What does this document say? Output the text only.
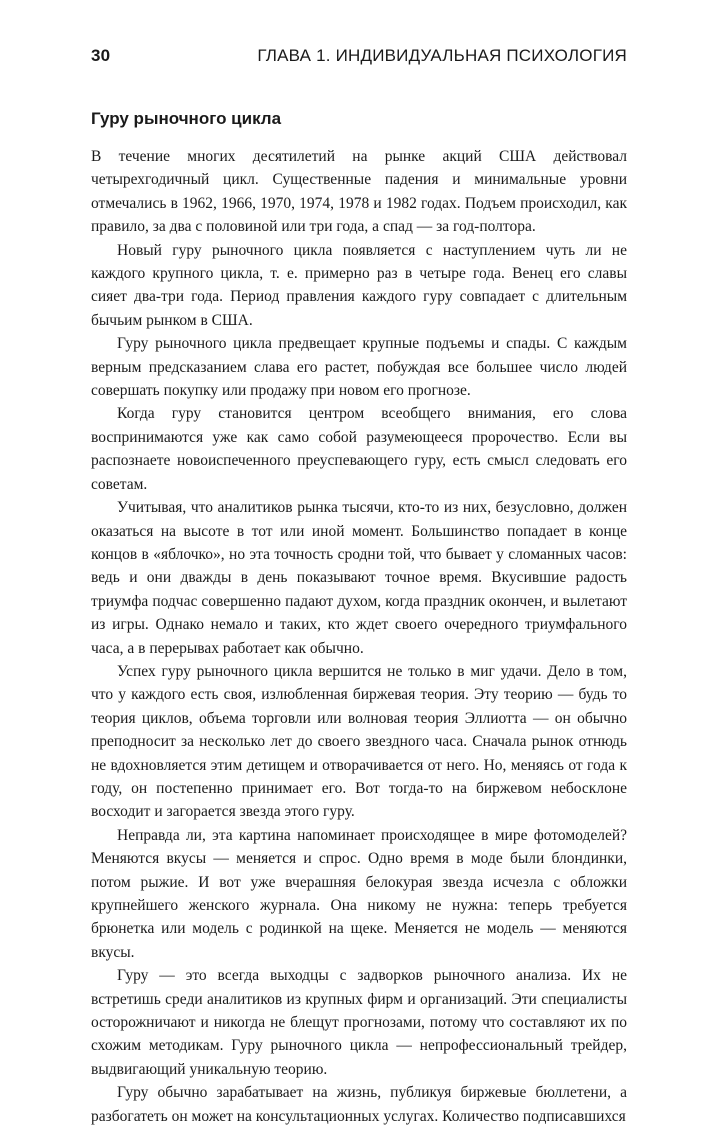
30	ГЛАВА 1. ИНДИВИДУАЛЬНАЯ ПСИХОЛОГИЯ
Гуру рыночного цикла

В течение многих десятилетий на рынке акций США действовал четырехгодичный цикл. Существенные падения и минимальные уровни отмечались в 1962, 1966, 1970, 1974, 1978 и 1982 годах. Подъем происходил, как правило, за два с половиной или три года, а спад — за год-полтора.

Новый гуру рыночного цикла появляется с наступлением чуть ли не каждого крупного цикла, т. е. примерно раз в четыре года. Венец его славы сияет два-три года. Период правления каждого гуру совпадает с длительным бычьим рынком в США.

Гуру рыночного цикла предвещает крупные подъемы и спады. С каждым верным предсказанием слава его растет, побуждая все большее число людей совершать покупку или продажу при новом его прогнозе.

Когда гуру становится центром всеобщего внимания, его слова воспринимаются уже как само собой разумеющееся пророчество. Если вы распознаете новоиспеченного преуспевающего гуру, есть смысл следовать его советам.

Учитывая, что аналитиков рынка тысячи, кто-то из них, безусловно, должен оказаться на высоте в тот или иной момент. Большинство попадает в конце концов в «яблочко», но эта точность сродни той, что бывает у сломанных часов: ведь и они дважды в день показывают точное время. Вкусившие радость триумфа подчас совершенно падают духом, когда праздник окончен, и вылетают из игры. Однако немало и таких, кто ждет своего очередного триумфального часа, а в перерывах работает как обычно.

Успех гуру рыночного цикла вершится не только в миг удачи. Дело в том, что у каждого есть своя, излюбленная биржевая теория. Эту теорию — будь то теория циклов, объема торговли или волновая теория Эллиотта — он обычно преподносит за несколько лет до своего звездного часа. Сначала рынок отнюдь не вдохновляется этим детищем и отворачивается от него. Но, меняясь от года к году, он постепенно принимает его. Вот тогда-то на биржевом небосклоне восходит и загорается звезда этого гуру.

Неправда ли, эта картина напоминает происходящее в мире фотомоделей? Меняются вкусы — меняется и спрос. Одно время в моде были блондинки, потом рыжие. И вот уже вчерашняя белокурая звезда исчезла с обложки крупнейшего женского журнала. Она никому не нужна: теперь требуется брюнетка или модель с родинкой на щеке. Меняется не модель — меняются вкусы.

Гуру — это всегда выходцы с задворков рыночного анализа. Их не встретишь среди аналитиков из крупных фирм и организаций. Эти специалисты осторожничают и никогда не блещут прогнозами, потому что составляют их по схожим методикам. Гуру рыночного цикла — непрофессиональный трейдер, выдвигающий уникальную теорию.

Гуру обычно зарабатывает на жизнь, публикуя биржевые бюллетени, а разбогатеть он может на консультационных услугах. Количество подписавшихся
